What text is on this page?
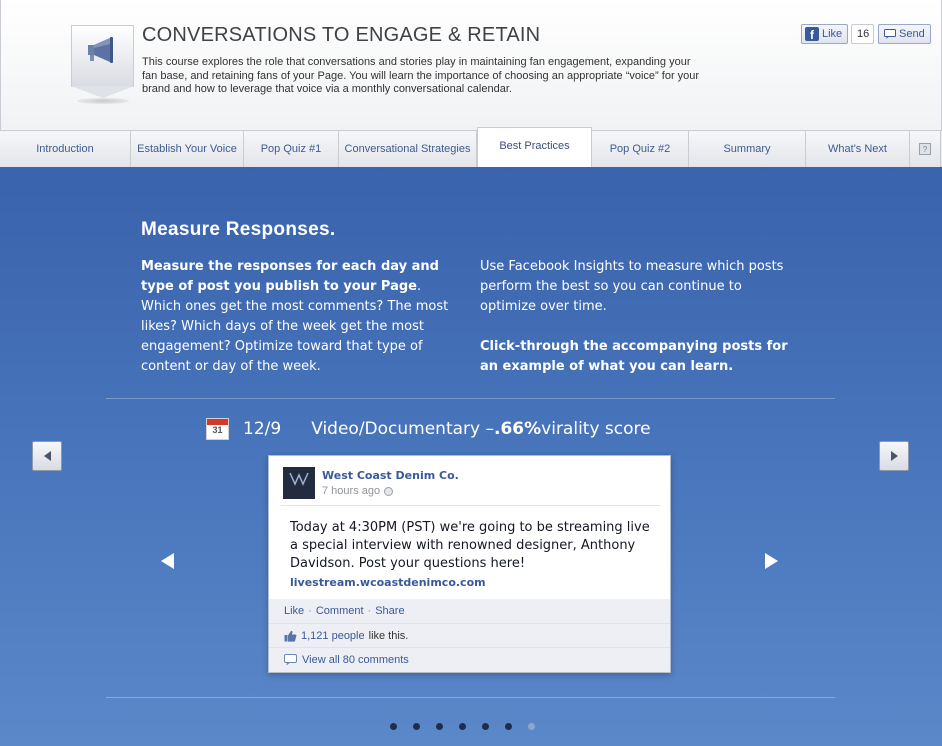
CONVERSATIONS TO ENGAGE & RETAIN
This course explores the role that conversations and stories play in maintaining fan engagement, expanding your fan base, and retaining fans of your Page. You will learn the importance of choosing an appropriate “voice” for your brand and how to leverage that voice via a monthly conversational calendar.
f Like	16	Send
Introduction	Establish Your Voice	Pop Quiz #1	Conversational Strategies	Best Practices	Pop Quiz #2	Summary	What's Next	?
Measure Responses.
Measure the responses for each day and type of post you publish to your Page. Which ones get the most comments? The most likes? Which days of the week get the most engagement? Optimize toward that type of content or day of the week.

Use Facebook Insights to measure which posts perform the best so you can continue to optimize over time.

Click-through the accompanying posts for an example of what you can learn.

31	12/9 Video/Documentary – .66% virality score
West Coast Denim Co.
7 hours ago
Today at 4:30PM (PST) we're going to be streaming live a special interview with renowned designer, Anthony Davidson. Post your questions here!
livestream.wcoastdenimco.com
Like · Comment · Share
1,121 people like this.
View all 80 comments
